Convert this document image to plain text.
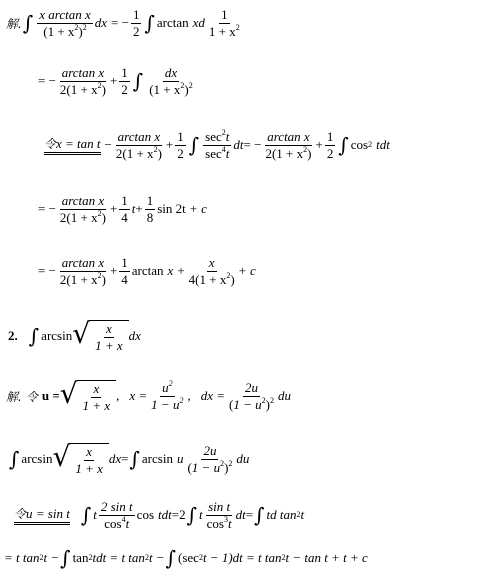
解. ∫ $\frac{\text{x arctan x}}{(1 + x^2)^2}$ dx = − $\frac{1}{2}$ ∫ arctan xd $\frac{1}{1 + x^2}$
= − $\frac{\text{arctan x}}{2(1 + x^2)} + \frac{1}{2}$ ∫ $\frac{dx}{(1 + x^2)^2}$
令$x = \tan t - \frac{\text{arctan x}}{2(1 + x^2)} + \frac{1}{2}$ ∫ $\frac{\sec^2t}{\sec^4t}$ dt = − $\frac{\text{arctan x}}{2(1 + x^2)} + \frac{1}{2}$ ∫ cos 2 tdt
= − $\frac{\text{arctan x}}{2(1 + x^2)} + \frac{1}{4}$ $t + \frac{1}{8}$ sin 2t + c
= − $\frac{\text{arctan x}}{2(1 + x^2)} + \frac{1}{4}$ $\arctan x + \frac{x}{4(1 + x^2)} + c$
2. ∫ arcsin √ $\frac{x}{1 + x}$ dx
解. 令 u = √ $\frac{x}{1 + x}$ , $x = \frac{u^2}{1 - u^2}$ , dx = $\frac{2u}{(1 - u^2)^2}$ du
∫ arcsin √ $\frac{x}{1 + x}$ dx = ∫ arcsin u $\frac{2u}{(1 - u^2)^2}$ du
令u = sin t ∫ t $\frac{\text{2 sin t}}{\cos^4t}$ cos tdt = 2 ∫ t $\frac{\text{sin t}}{\cos^3t}$ dt = ∫ td tan 2 t
= t tan 2 t − ∫ tan 2 tdt = t tan 2 t − ∫ (sec 2 t − 1)dt = t tan 2 t − tan t + t + c
